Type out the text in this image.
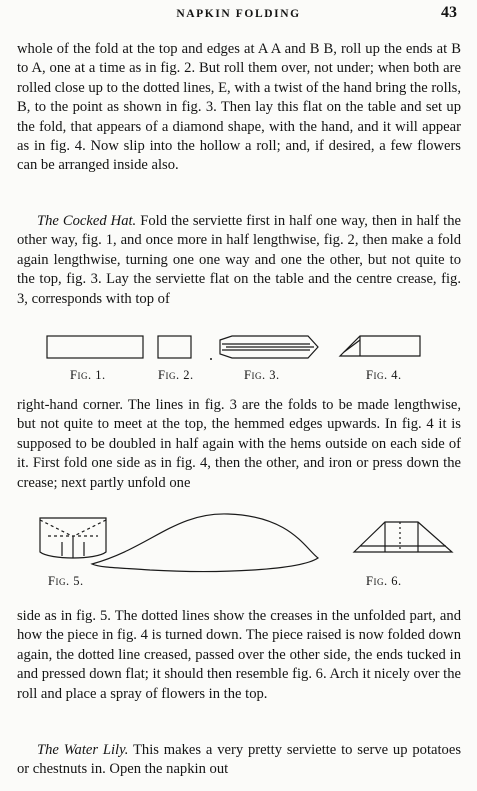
NAPKIN FOLDING	43

whole of the fold at the top and edges at A A and B B, roll up the ends at B to A, one at a time as in fig. 2. But roll them over, not under; when both are rolled close up to the dotted lines, E, with a twist of the hand bring the rolls, B, to the point as shown in fig. 3. Then lay this flat on the table and set up the fold, that appears of a diamond shape, with the hand, and it will appear as in fig. 4. Now slip into the hollow a roll; and, if desired, a few flowers can be arranged inside also.

The Cocked Hat. Fold the serviette first in half one way, then in half the other way, fig. 1, and once more in half lengthwise, fig. 2, then make a fold again lengthwise, turning one one way and one the other, but not quite to the top, fig. 3. Lay the serviette flat on the table and the centre crease, fig. 3, corresponds with top of

Fig. 1.	Fig. 2.	Fig. 3.	Fig. 4.

right-hand corner. The lines in fig. 3 are the folds to be made lengthwise, but not quite to meet at the top, the hemmed edges upwards. In fig. 4 it is supposed to be doubled in half again with the hems outside on each side of it. First fold one side as in fig. 4, then the other, and iron or press down the crease; next partly unfold one

Fig. 5.	Fig. 6.

side as in fig. 5. The dotted lines show the creases in the unfolded part, and how the piece in fig. 4 is turned down. The piece raised is now folded down again, the dotted line creased, passed over the other side, the ends tucked in and pressed down flat; it should then resemble fig. 6. Arch it nicely over the roll and place a spray of flowers in the top.

The Water Lily. This makes a very pretty serviette to serve up potatoes or chestnuts in. Open the napkin out
